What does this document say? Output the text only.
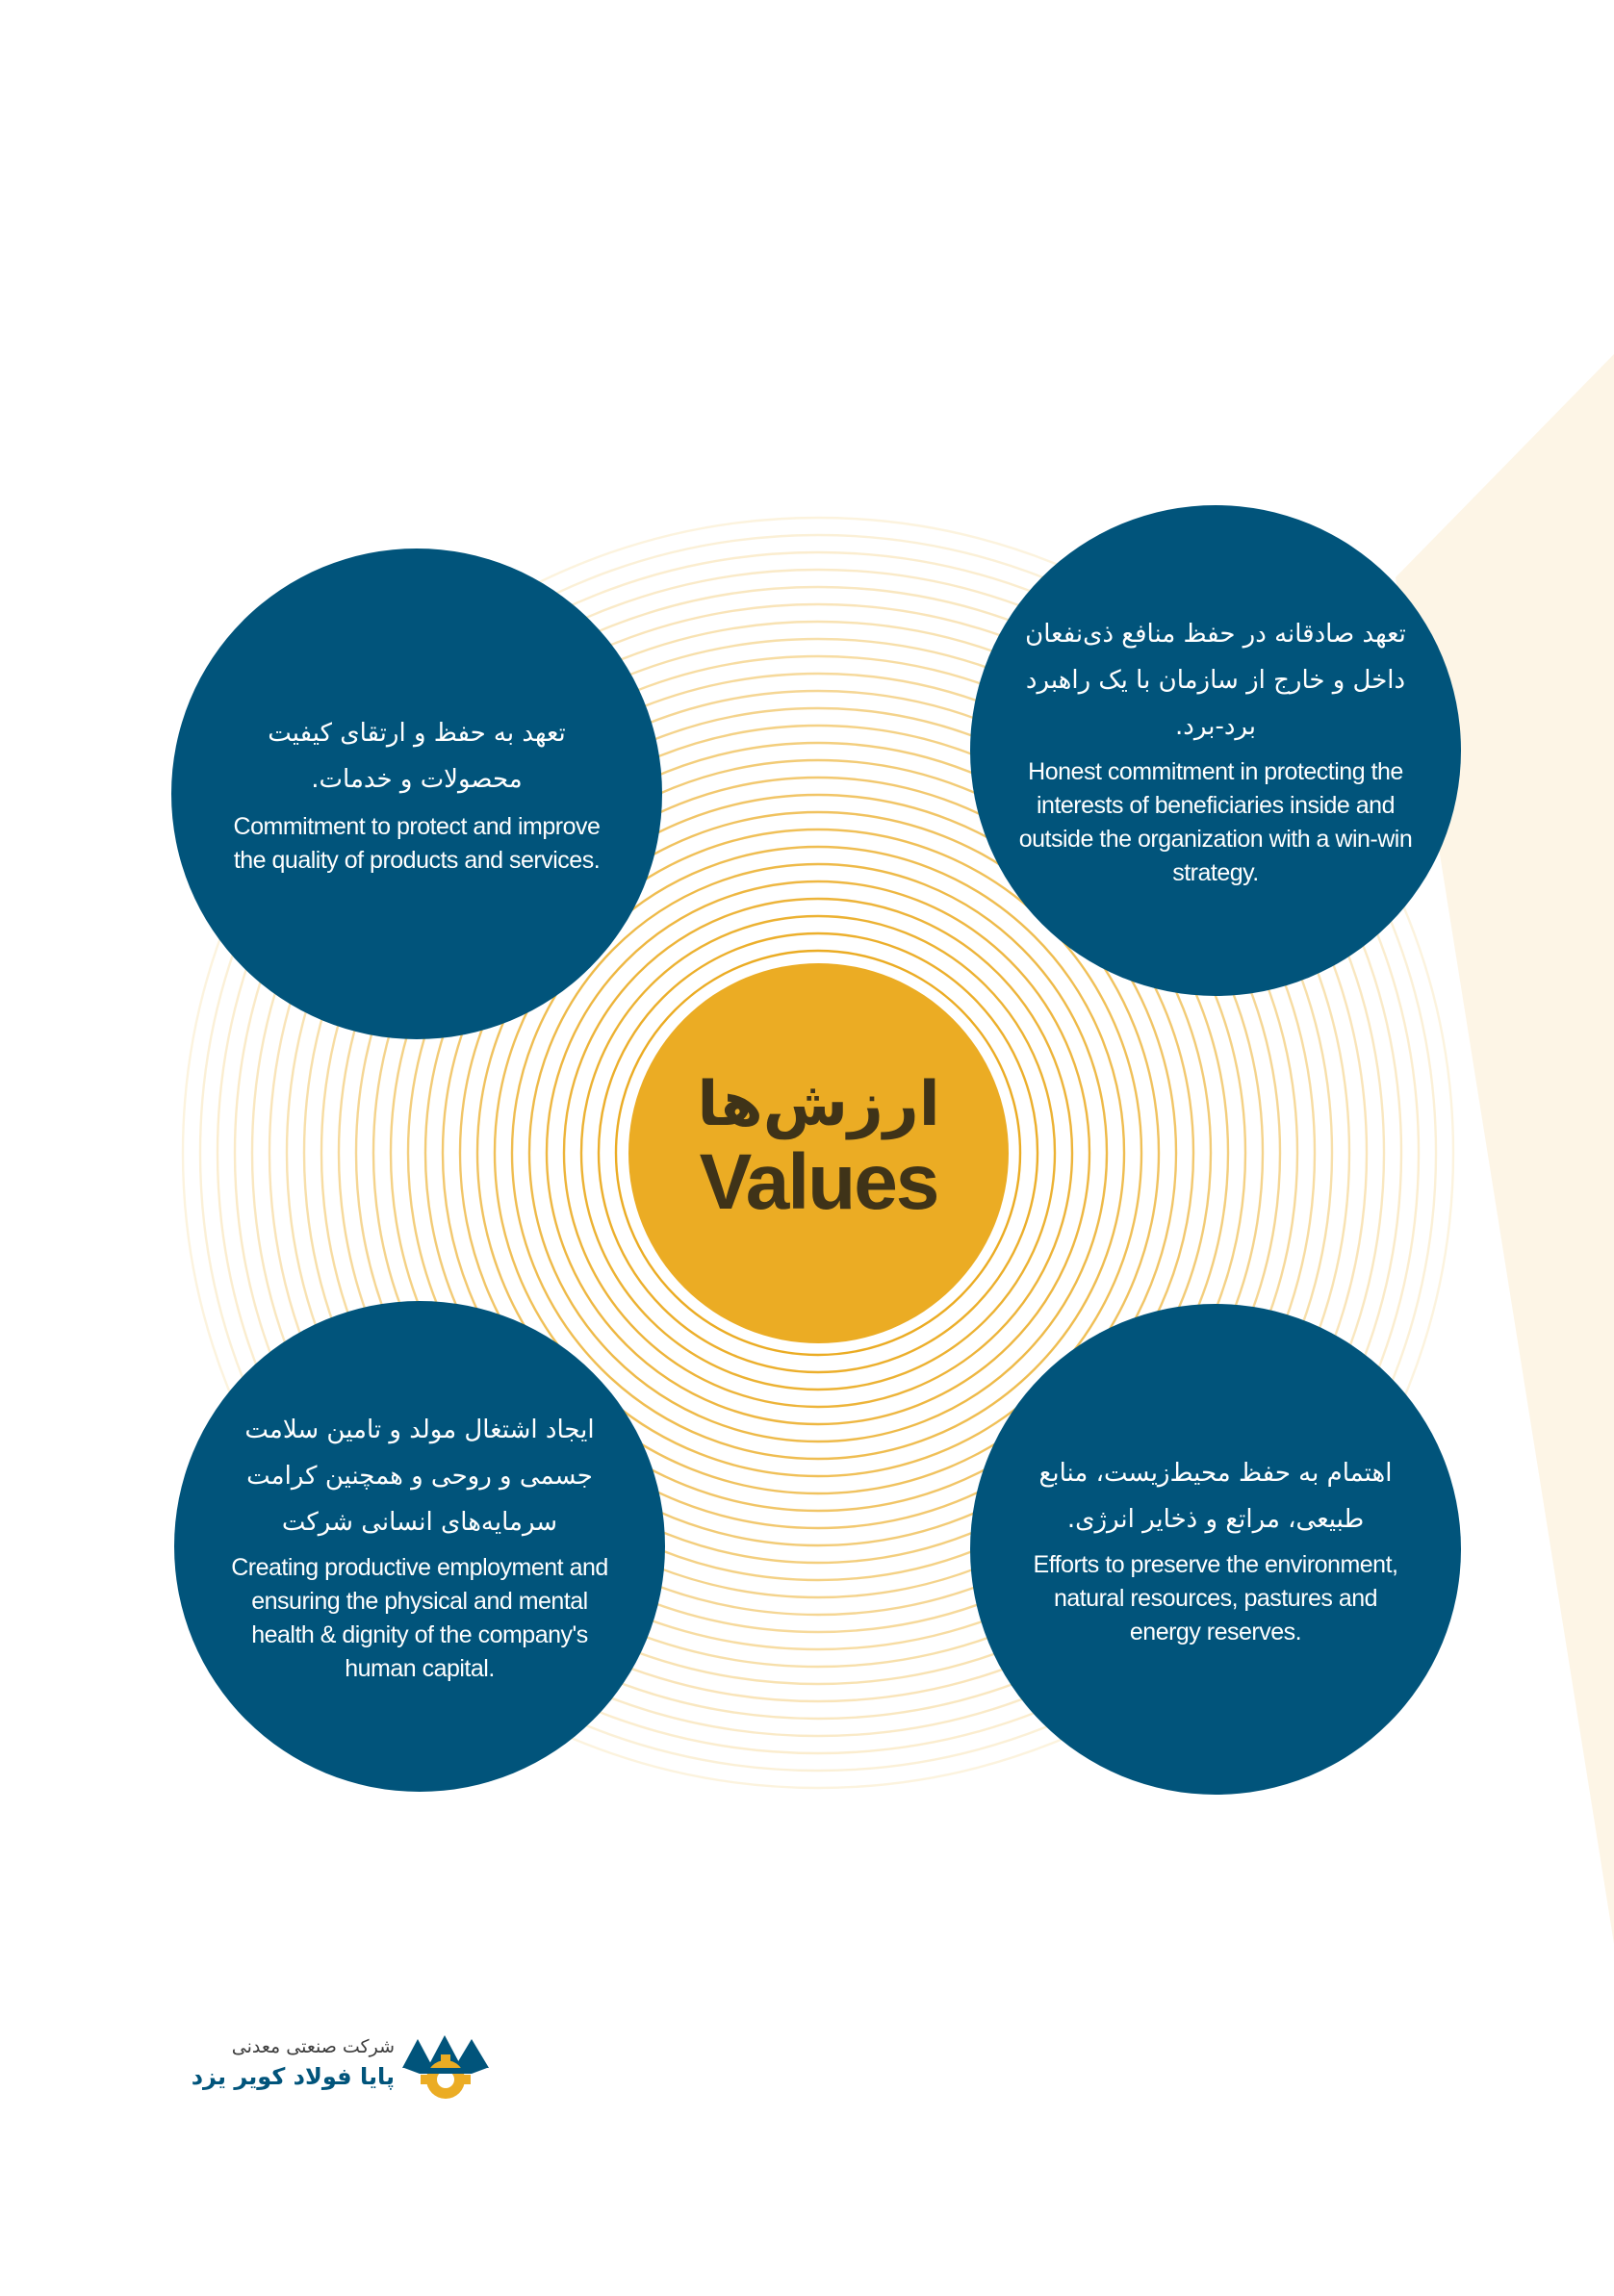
ارزش‌ها
Values
تعهد به حفظ و ارتقای کیفیت محصولات و خدمات.
Commitment to protect and improve the quality of products and services.
تعهد صادقانه در حفظ منافع ذی‌نفعان داخل و خارج از سازمان با یک راهبرد برد-برد.
Honest commitment in protecting the interests of beneficiaries inside and outside the organization with a win-win strategy.
ایجاد اشتغال مولد و تامین سلامت جسمی و روحی و همچنین کرامت سرمایه‌های انسانی شرکت
Creating productive employment and ensuring the physical and mental health & dignity of the company's human capital.
اهتمام به حفظ محیط‌زیست، منابع طبیعی، مراتع و ذخایر انرژی.
Efforts to preserve the environment, natural resources, pastures and energy reserves.
شرکت صنعتی معدنی
پایا فولاد کویر یزد
